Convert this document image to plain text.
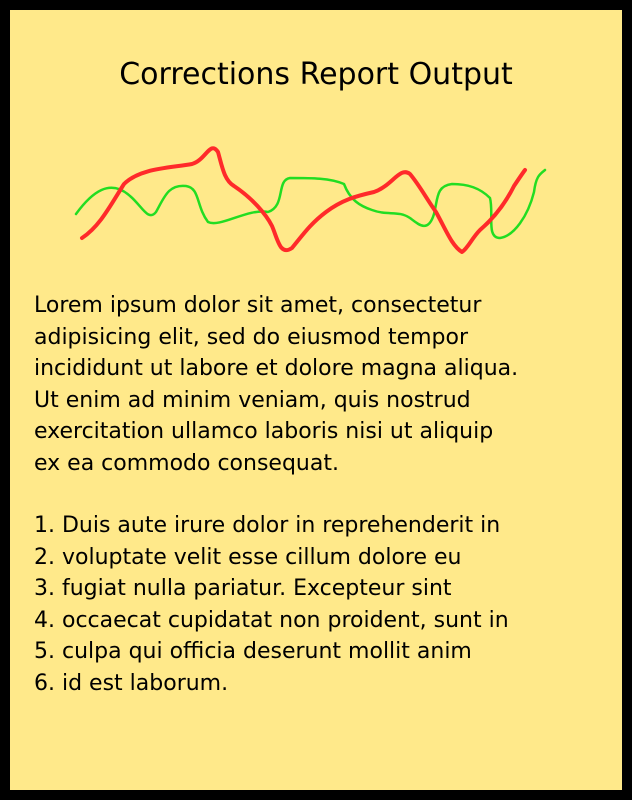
Corrections Report Output

Lorem ipsum dolor sit amet, consectetur
adipisicing elit, sed do eiusmod tempor
incididunt ut labore et dolore magna aliqua.
Ut enim ad minim veniam, quis nostrud
exercitation ullamco laboris nisi ut aliquip
ex ea commodo consequat.

1. Duis aute irure dolor in reprehenderit in
2. voluptate velit esse cillum dolore eu
3. fugiat nulla pariatur. Excepteur sint
4. occaecat cupidatat non proident, sunt in
5. culpa qui officia deserunt mollit anim
6. id est laborum.
